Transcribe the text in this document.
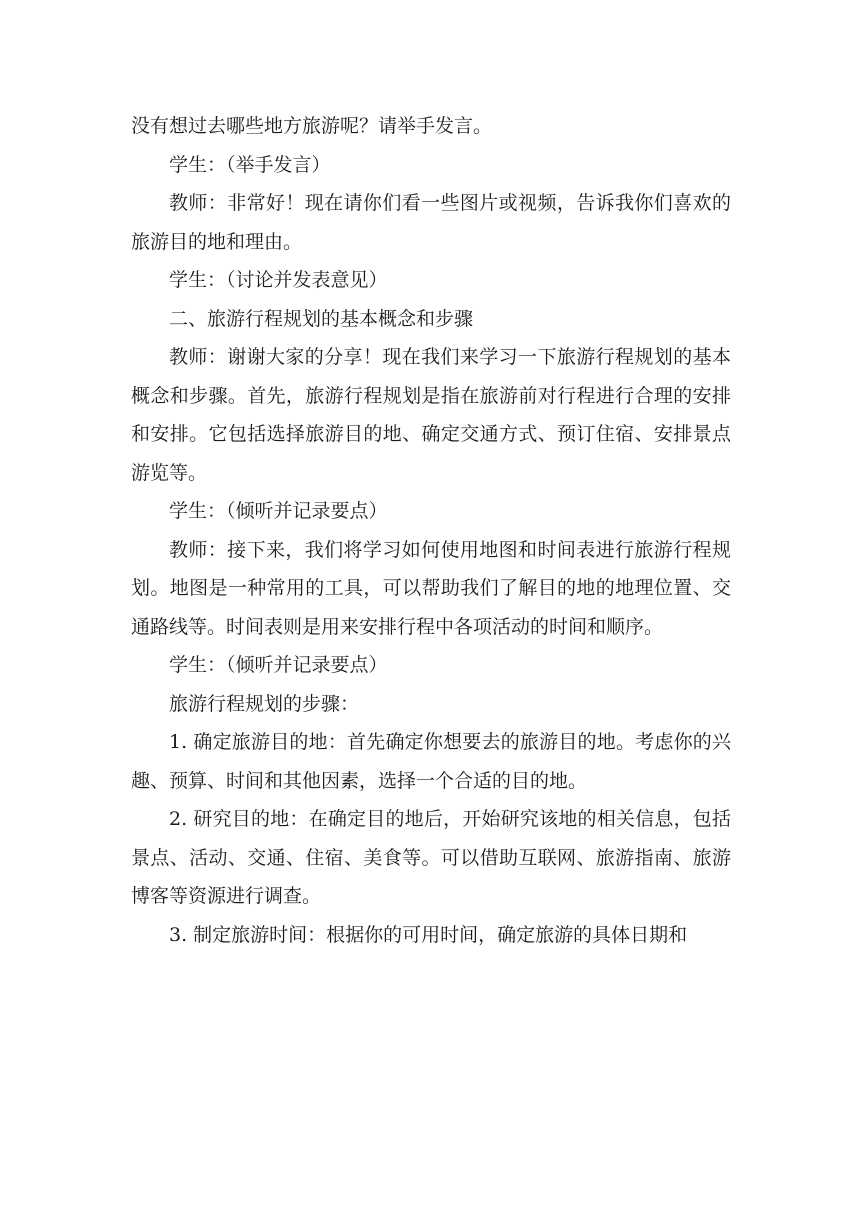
没有想过去哪些地方旅游呢？请举手发言。

学生：（举手发言）

教师：非常好！现在请你们看一些图片或视频，告诉我你们喜欢的旅游目的地和理由。

学生：（讨论并发表意见）

二、旅游行程规划的基本概念和步骤

教师：谢谢大家的分享！现在我们来学习一下旅游行程规划的基本概念和步骤。首先，旅游行程规划是指在旅游前对行程进行合理的安排和安排。它包括选择旅游目的地、确定交通方式、预订住宿、安排景点游览等。

学生：（倾听并记录要点）

教师：接下来，我们将学习如何使用地图和时间表进行旅游行程规划。地图是一种常用的工具，可以帮助我们了解目的地的地理位置、交通路线等。时间表则是用来安排行程中各项活动的时间和顺序。

学生：（倾听并记录要点）

旅游行程规划的步骤：

1. 确定旅游目的地：首先确定你想要去的旅游目的地。考虑你的兴趣、预算、时间和其他因素，选择一个合适的目的地。

2. 研究目的地：在确定目的地后，开始研究该地的相关信息，包括景点、活动、交通、住宿、美食等。可以借助互联网、旅游指南、旅游博客等资源进行调查。

3. 制定旅游时间：根据你的可用时间，确定旅游的具体日期和
